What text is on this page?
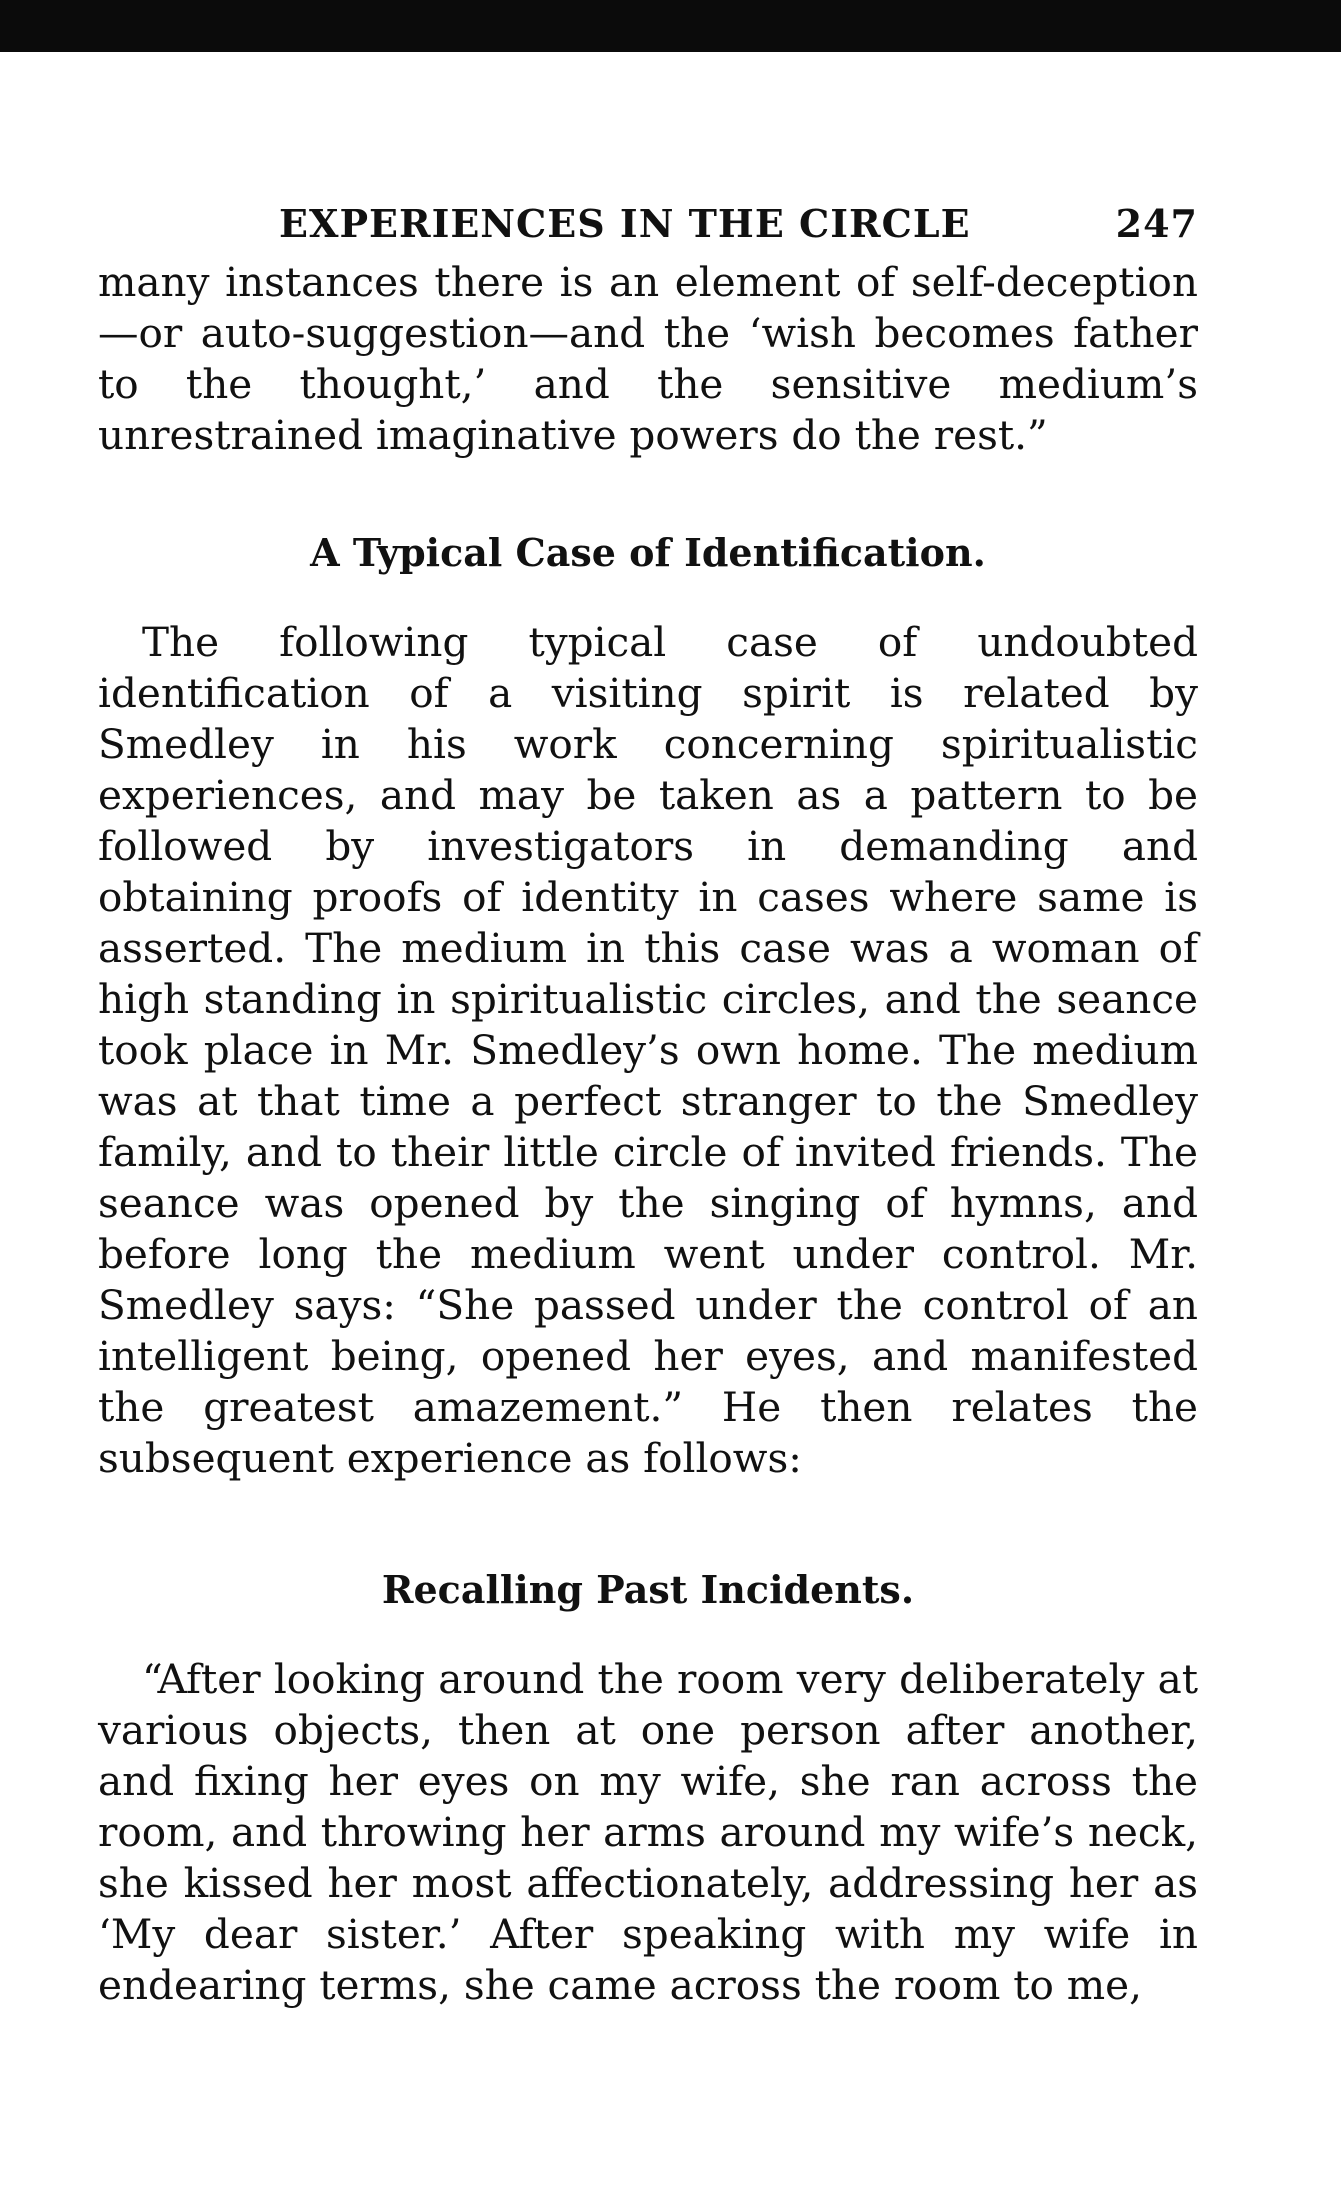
EXPERIENCES IN THE CIRCLE	247

many instances there is an element of self-deception —or auto-suggestion—and the ‘wish becomes father to the thought,’ and the sensitive medium’s unrestrained imaginative powers do the rest.”

A Typical Case of Identification.

The following typical case of undoubted identification of a visiting spirit is related by Smedley in his work concerning spiritualistic experiences, and may be taken as a pattern to be followed by investigators in demanding and obtaining proofs of identity in cases where same is asserted. The medium in this case was a woman of high standing in spiritualistic circles, and the seance took place in Mr. Smedley’s own home. The medium was at that time a perfect stranger to the Smedley family, and to their little circle of invited friends. The seance was opened by the singing of hymns, and before long the medium went under control. Mr. Smedley says: “She passed under the control of an intelligent being, opened her eyes, and manifested the greatest amazement.” He then relates the subsequent experience as follows:

Recalling Past Incidents.

“After looking around the room very deliberately at various objects, then at one person after another, and fixing her eyes on my wife, she ran across the room, and throwing her arms around my wife’s neck, she kissed her most affectionately, addressing her as ‘My dear sister.’ After speaking with my wife in endearing terms, she came across the room to me,
